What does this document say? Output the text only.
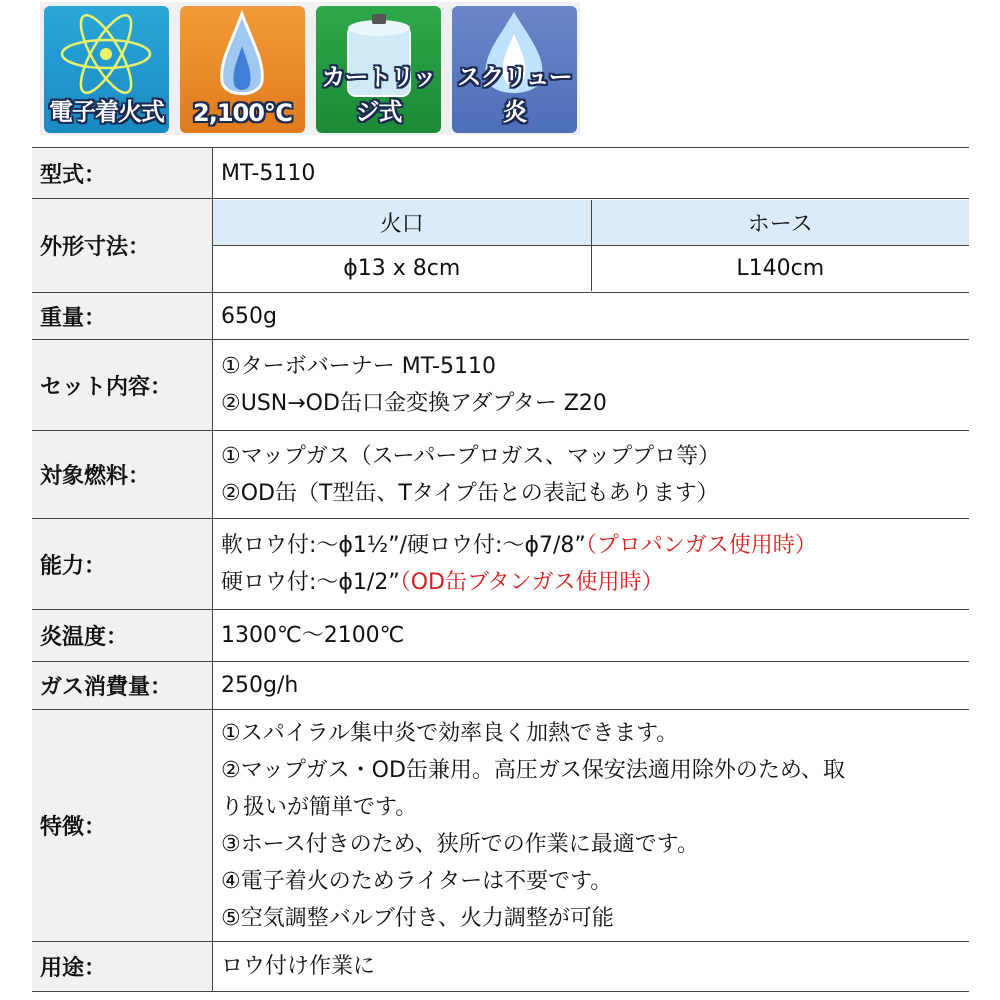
電子着火式	2,100℃
カートリッジ式
スクリュー炎
型式：	MT-5110
外形寸法：	
火口	ホース
ϕ13 x 8cm	L140cm

重量：	650g
セット内容：	
①ターボバーナー MT-5110
②USN→OD缶口金変換アダプター Z20

対象燃料：	
①マップガス（スーパープロガス、マッププロ等）
②OD缶（T型缶、Tタイプ缶との表記もあります）

能力：	
軟ロウ付:～ϕ1½”/硬ロウ付:～ϕ7/8”（プロパンガス使用時）
硬ロウ付:～ϕ1/2”（OD缶ブタンガス使用時）

炎温度：	1300℃～2100℃
ガス消費量：	250g/h
特徴：	
①スパイラル集中炎で効率良く加熱できます。
②マップガス・OD缶兼用。高圧ガス保安法適用除外のため、取
り扱いが簡単です。
③ホース付きのため、狭所での作業に最適です。
④電子着火のためライターは不要です。
⑤空気調整バルブ付き、火力調整が可能

用途：	ロウ付け作業に
